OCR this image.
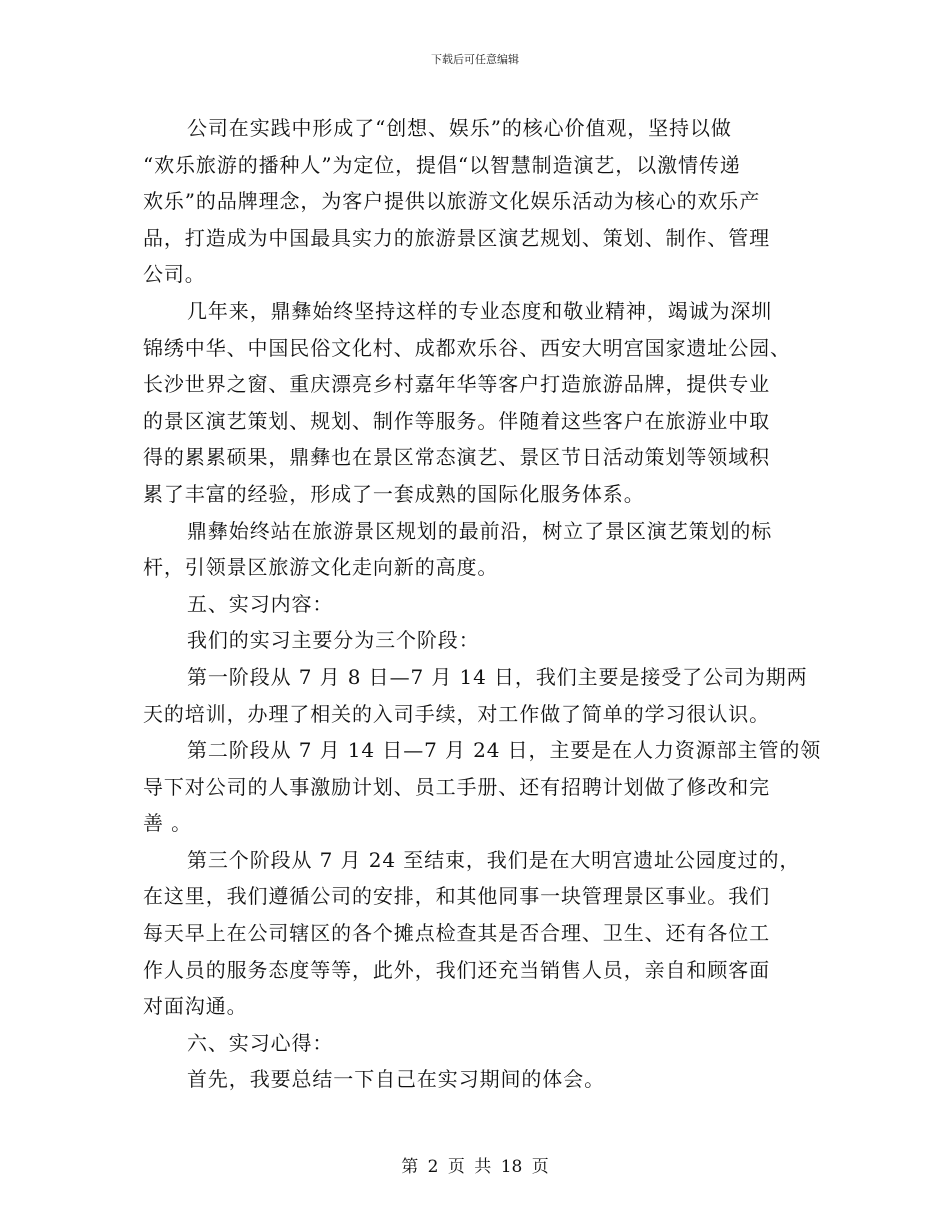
下载后可任意编辑
公司在实践中形成了“创想、娱乐”的核心价值观，坚持以做
“欢乐旅游的播种人”为定位，提倡“以智慧制造演艺，以激情传递
欢乐”的品牌理念，为客户提供以旅游文化娱乐活动为核心的欢乐产
品，打造成为中国最具实力的旅游景区演艺规划、策划、制作、管理
公司。
几年来，鼎彝始终坚持这样的专业态度和敬业精神，竭诚为深圳
锦绣中华、中国民俗文化村、成都欢乐谷、西安大明宫国家遗址公园、
长沙世界之窗、重庆漂亮乡村嘉年华等客户打造旅游品牌，提供专业
的景区演艺策划、规划、制作等服务。伴随着这些客户在旅游业中取
得的累累硕果，鼎彝也在景区常态演艺、景区节日活动策划等领域积
累了丰富的经验，形成了一套成熟的国际化服务体系。
鼎彝始终站在旅游景区规划的最前沿，树立了景区演艺策划的标
杆，引领景区旅游文化走向新的高度。
五、实习内容：
我们的实习主要分为三个阶段：
第一阶段从 7 月 8 日—7 月 14 日，我们主要是接受了公司为期两
天的培训，办理了相关的入司手续，对工作做了简单的学习很认识。
第二阶段从 7 月 14 日—7 月 24 日，主要是在人力资源部主管的领
导下对公司的人事激励计划、员工手册、还有招聘计划做了修改和完
善 。
第三个阶段从 7 月 24 至结束，我们是在大明宫遗址公园度过的，
在这里，我们遵循公司的安排，和其他同事一块管理景区事业。我们
每天早上在公司辖区的各个摊点检查其是否合理、卫生、还有各位工
作人员的服务态度等等，此外，我们还充当销售人员，亲自和顾客面
对面沟通。
六、实习心得：
首先，我要总结一下自己在实习期间的体会。
第 2 页 共 18 页
